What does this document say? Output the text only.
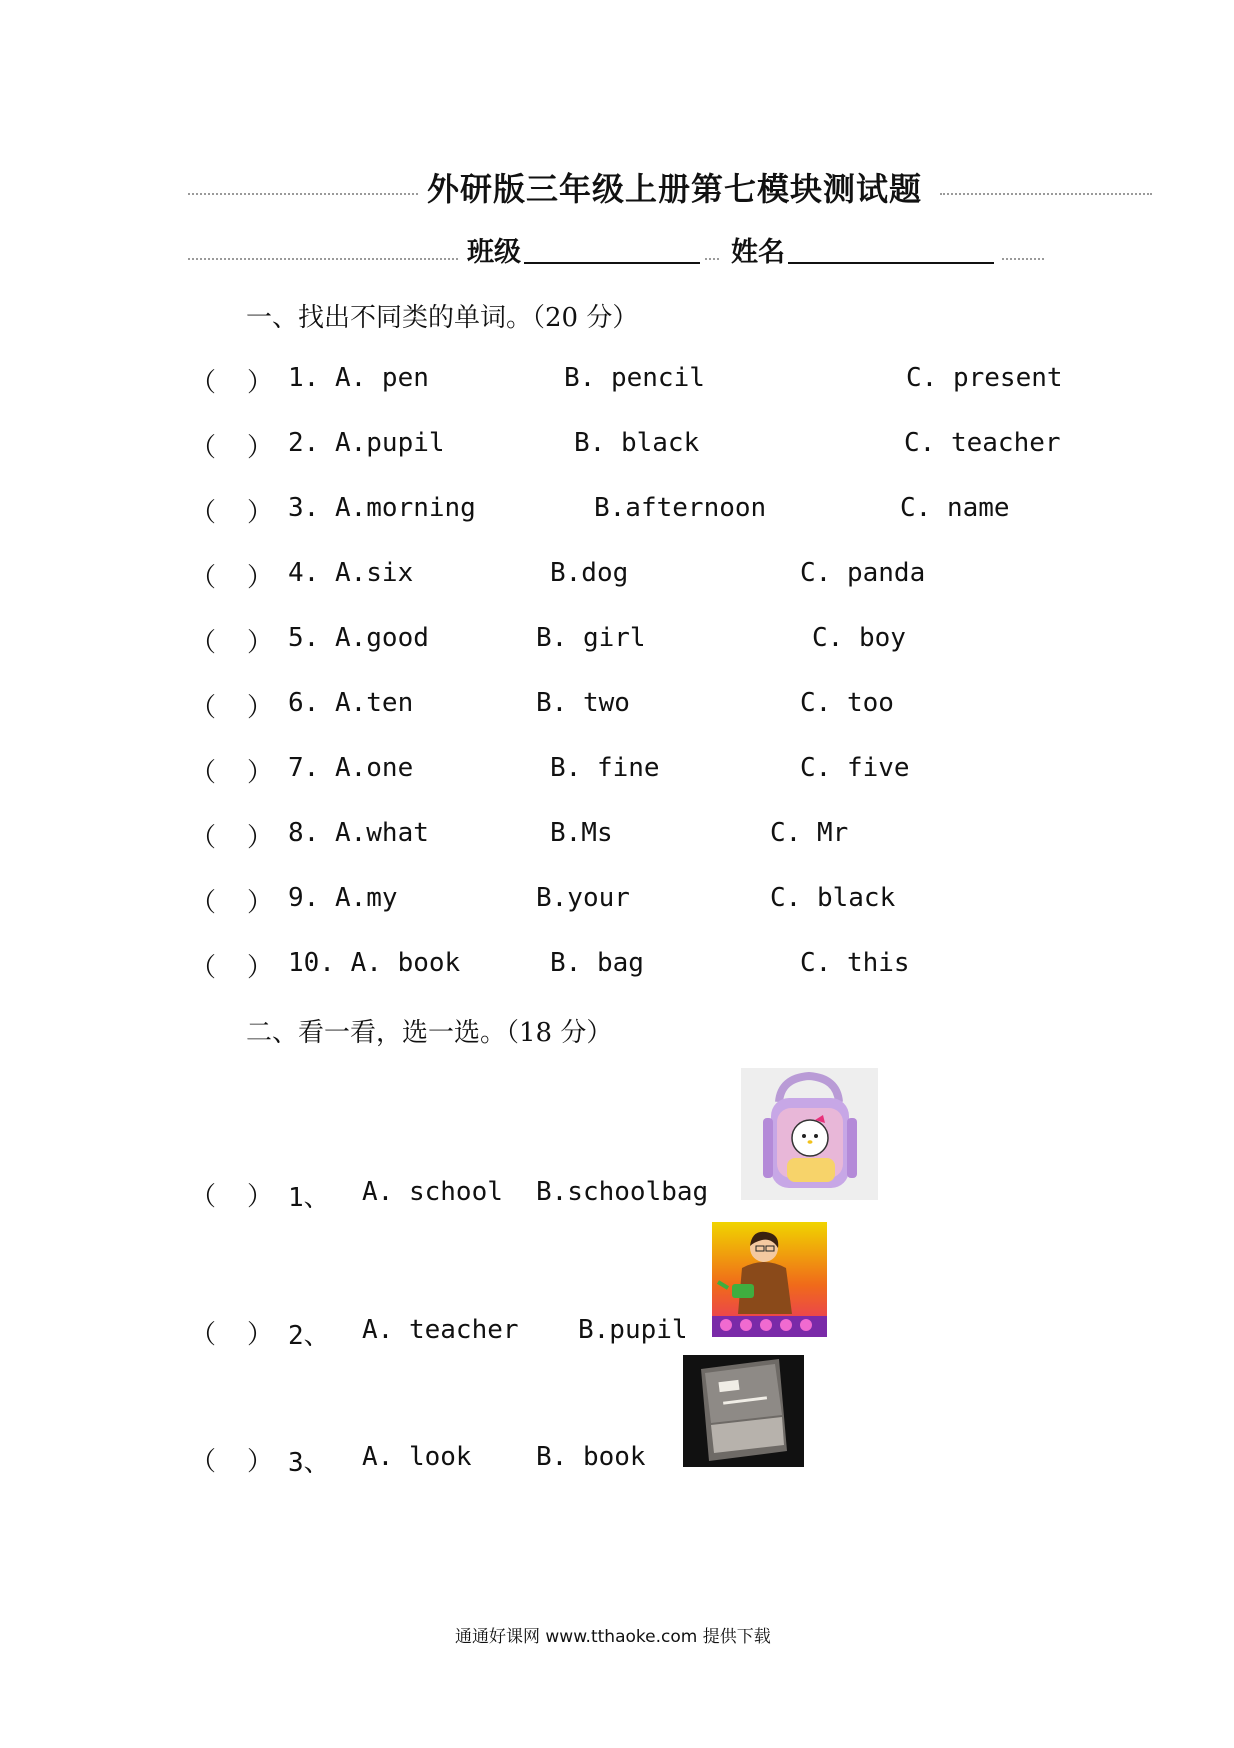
外研版三年级上册第七模块测试题
班级	姓名
一、找出不同类的单词。（20 分）
（ ） 1. A. pen	B. pencil	C. present
（ ） 2. A.pupil	B. black	C. teacher
（ ） 3. A.morning	B.afternoon	C. name
（ ） 4. A.six	B.dog	C. panda
（ ） 5. A.good	B. girl	C. boy
（ ） 6. A.ten	B. two	C. too
（ ） 7. A.one	B. fine	C. five
（ ） 8. A.what	B.Ms	C. Mr
（ ） 9. A.my	B.your	C. black
（ ） 10. A. book	B. bag	C. this
二、看一看，选一选。（18 分）
（ ） 1、 A. school B.schoolbag
（ ） 2、 A. teacher B.pupil
（ ） 3、 A. look B. book
通通好课网 www.tthaoke.com 提供下载
